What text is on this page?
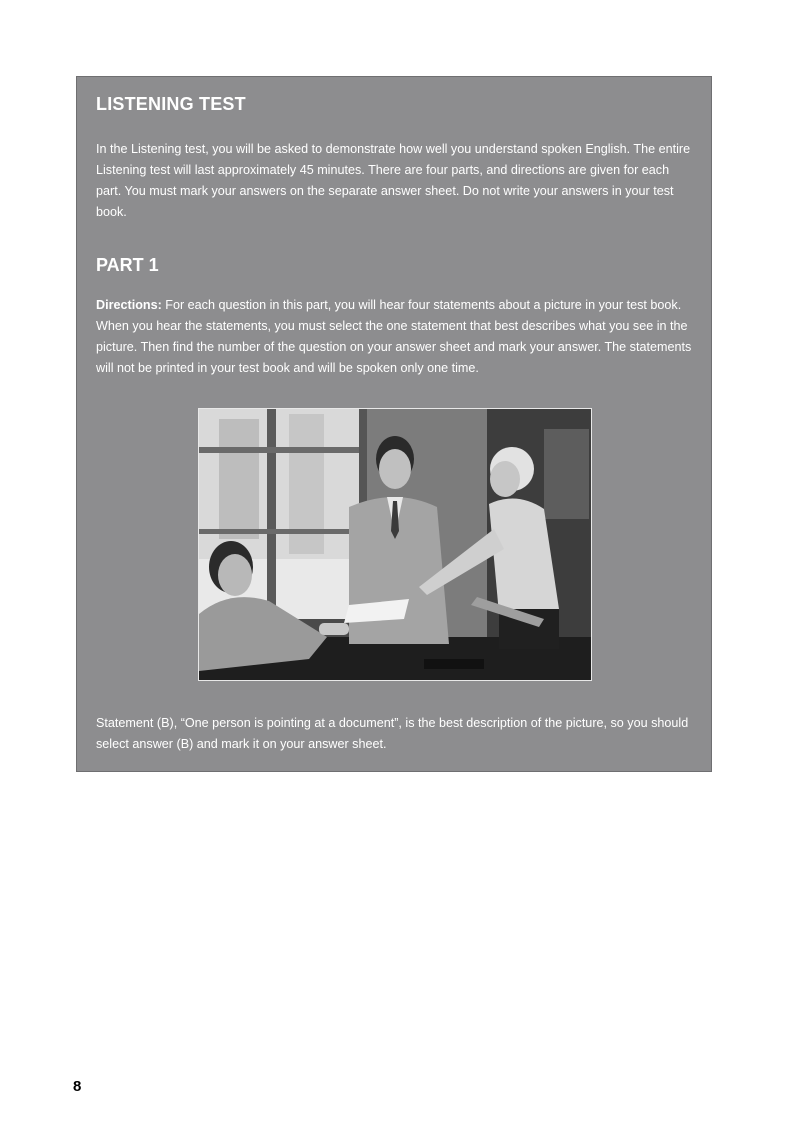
LISTENING TEST

In the Listening test, you will be asked to demonstrate how well you understand spoken English. The entire Listening test will last approximately 45 minutes. There are four parts, and directions are given for each part. You must mark your answers on the separate answer sheet. Do not write your answers in your test book.

PART 1

Directions: For each question in this part, you will hear four statements about a picture in your test book. When you hear the statements, you must select the one statement that best describes what you see in the picture. Then find the number of the question on your answer sheet and mark your answer. The statements will not be printed in your test book and will be spoken only one time.

Statement (B), “One person is pointing at a document”, is the best description of the picture, so you should select answer (B) and mark it on your answer sheet.

8
